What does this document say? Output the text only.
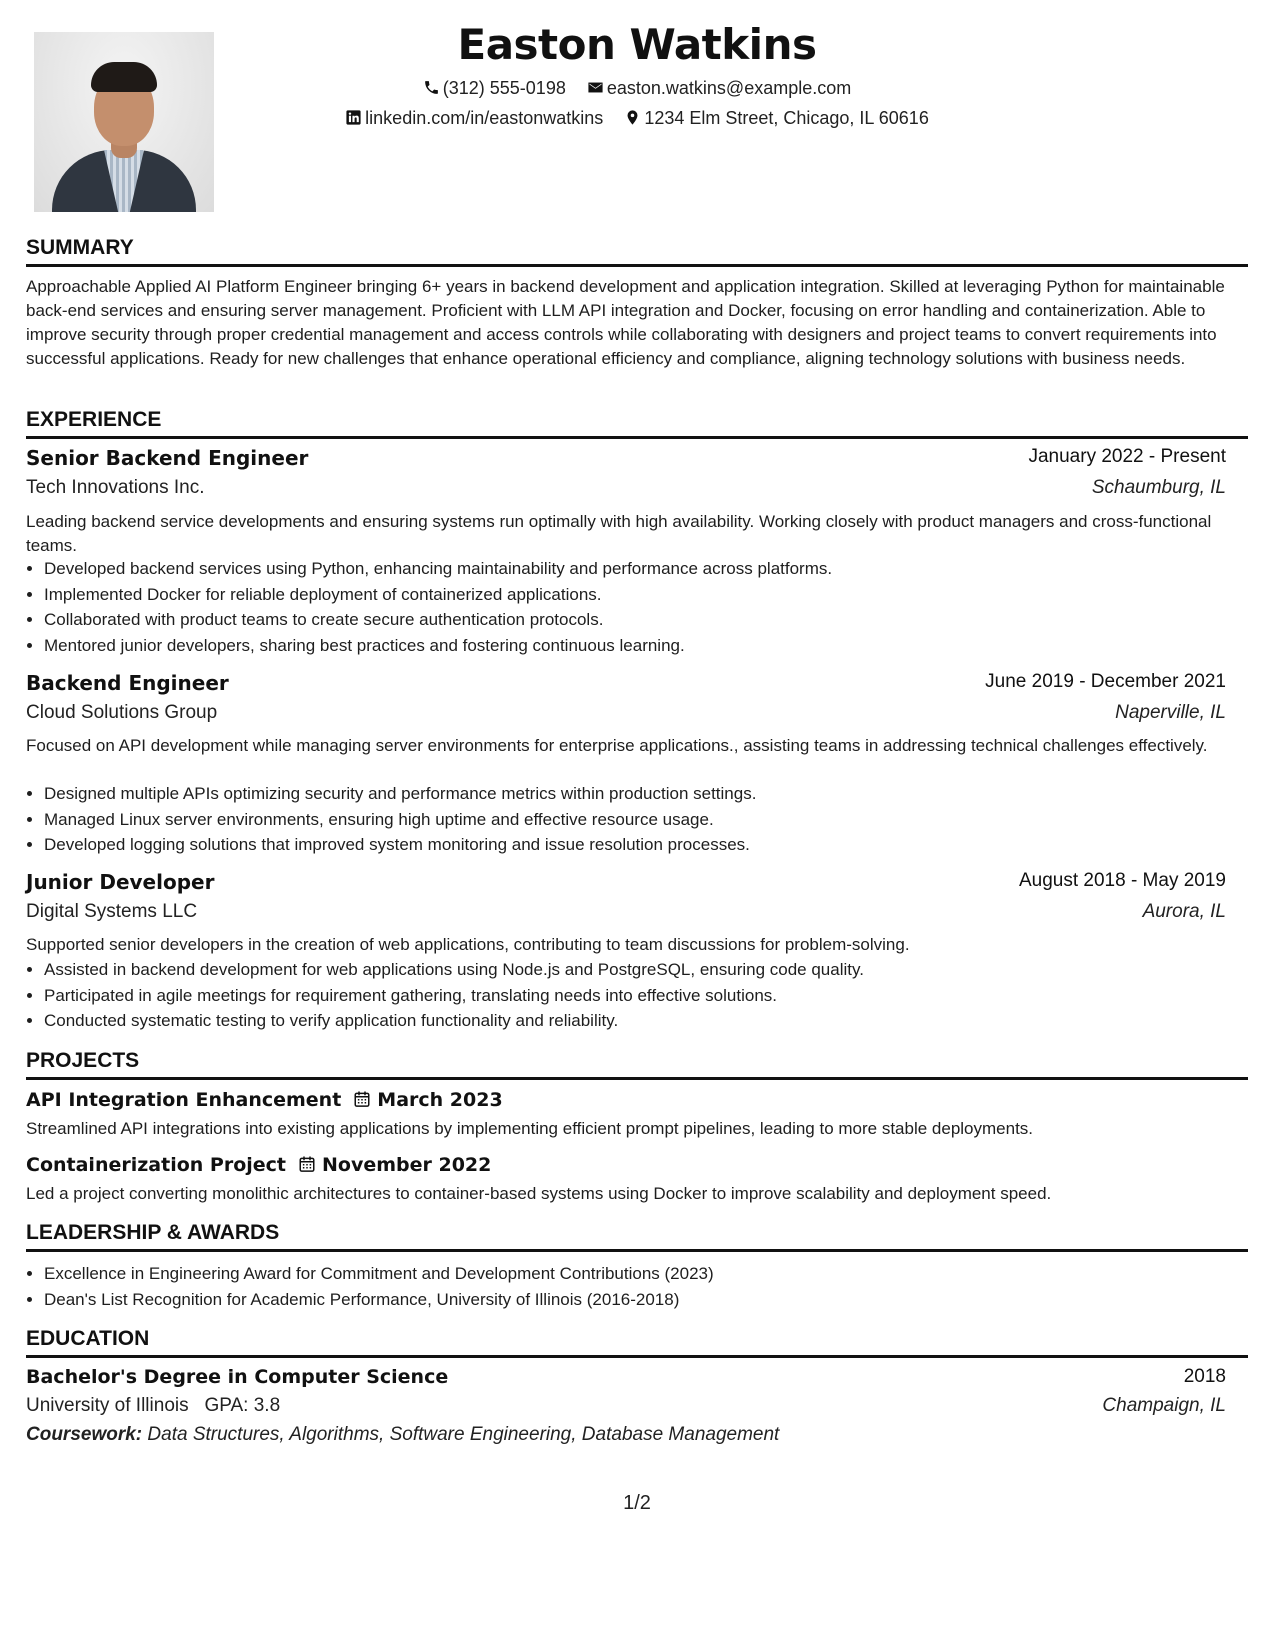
Easton Watkins
(312) 555-0198 easton.watkins@example.com
linkedin.com/in/eastonwatkins 1234 Elm Street, Chicago, IL 60616
SUMMARY
Approachable Applied AI Platform Engineer bringing 6+ years in backend development and application integration. Skilled at leveraging Python for maintainable back-end services and ensuring server management. Proficient with LLM API integration and Docker, focusing on error handling and containerization. Able to improve security through proper credential management and access controls while collaborating with designers and project teams to convert requirements into successful applications. Ready for new challenges that enhance operational efficiency and compliance, aligning technology solutions with business needs.
EXPERIENCE
Senior Backend Engineer	January 2022 - Present
Tech Innovations Inc.	Schaumburg, IL
Leading backend service developments and ensuring systems run optimally with high availability. Working closely with product managers and cross-functional teams.
• Developed backend services using Python, enhancing maintainability and performance across platforms.
• Implemented Docker for reliable deployment of containerized applications.
• Collaborated with product teams to create secure authentication protocols.
• Mentored junior developers, sharing best practices and fostering continuous learning.
Backend Engineer	June 2019 - December 2021
Cloud Solutions Group	Naperville, IL
Focused on API development while managing server environments for enterprise applications., assisting teams in addressing technical challenges effectively.
• Designed multiple APIs optimizing security and performance metrics within production settings.
• Managed Linux server environments, ensuring high uptime and effective resource usage.
• Developed logging solutions that improved system monitoring and issue resolution processes.
Junior Developer	August 2018 - May 2019
Digital Systems LLC	Aurora, IL
Supported senior developers in the creation of web applications, contributing to team discussions for problem-solving.
• Assisted in backend development for web applications using Node.js and PostgreSQL, ensuring code quality.
• Participated in agile meetings for requirement gathering, translating needs into effective solutions.
• Conducted systematic testing to verify application functionality and reliability.
PROJECTS
API Integration Enhancement March 2023
Streamlined API integrations into existing applications by implementing efficient prompt pipelines, leading to more stable deployments.
Containerization Project November 2022
Led a project converting monolithic architectures to container-based systems using Docker to improve scalability and deployment speed.
LEADERSHIP & AWARDS
• Excellence in Engineering Award for Commitment and Development Contributions (2023)
• Dean's List Recognition for Academic Performance, University of Illinois (2016-2018)
EDUCATION
Bachelor's Degree in Computer Science	2018
University of Illinois GPA: 3.8	Champaign, IL
Coursework: Data Structures, Algorithms, Software Engineering, Database Management
1/2
